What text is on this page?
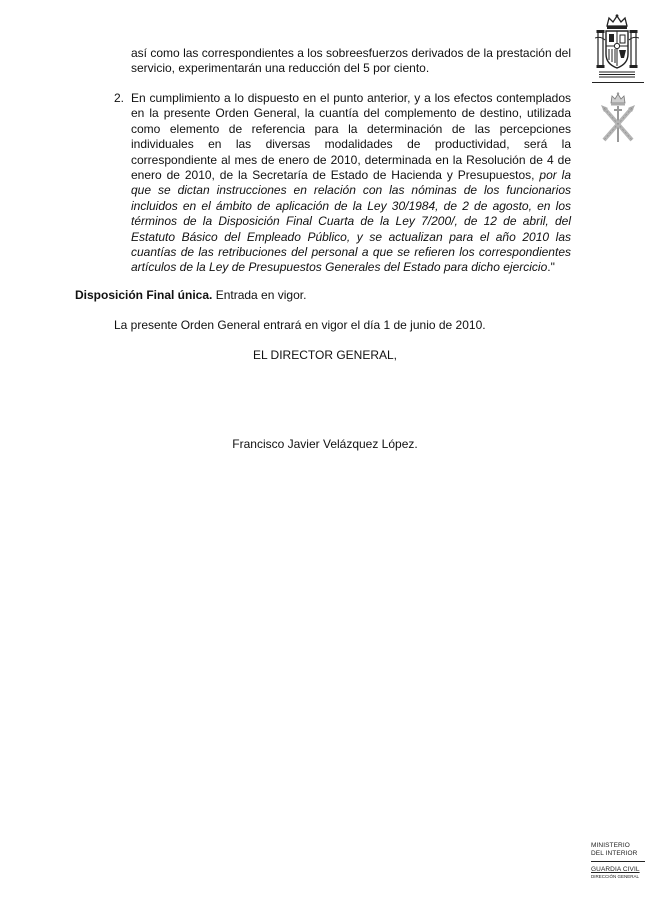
así como las correspondientes a los sobreesfuerzos derivados de la prestación del servicio, experimentarán una reducción del 5 por ciento.
2. En cumplimiento a lo dispuesto en el punto anterior, y a los efectos contemplados en la presente Orden General, la cuantía del complemento de destino, utilizada como elemento de referencia para la determinación de las percepciones individuales en las diversas modalidades de productividad, será la correspondiente al mes de enero de 2010, determinada en la Resolución de 4 de enero de 2010, de la Secretaría de Estado de Hacienda y Presupuestos, por la que se dictan instrucciones en relación con las nóminas de los funcionarios incluidos en el ámbito de aplicación de la Ley 30/1984, de 2 de agosto, en los términos de la Disposición Final Cuarta de la Ley 7/200/, de 12 de abril, del Estatuto Básico del Empleado Público, y se actualizan para el año 2010 las cuantías de las retribuciones del personal a que se refieren los correspondientes artículos de la Ley de Presupuestos Generales del Estado para dicho ejercicio."
Disposición Final única. Entrada en vigor.
La presente Orden General entrará en vigor el día 1 de junio de 2010.
EL DIRECTOR GENERAL,
Francisco Javier Velázquez López.
MINISTERIO
DEL INTERIOR
GUARDIA CIVIL
DIRECCIÓN GENERAL
